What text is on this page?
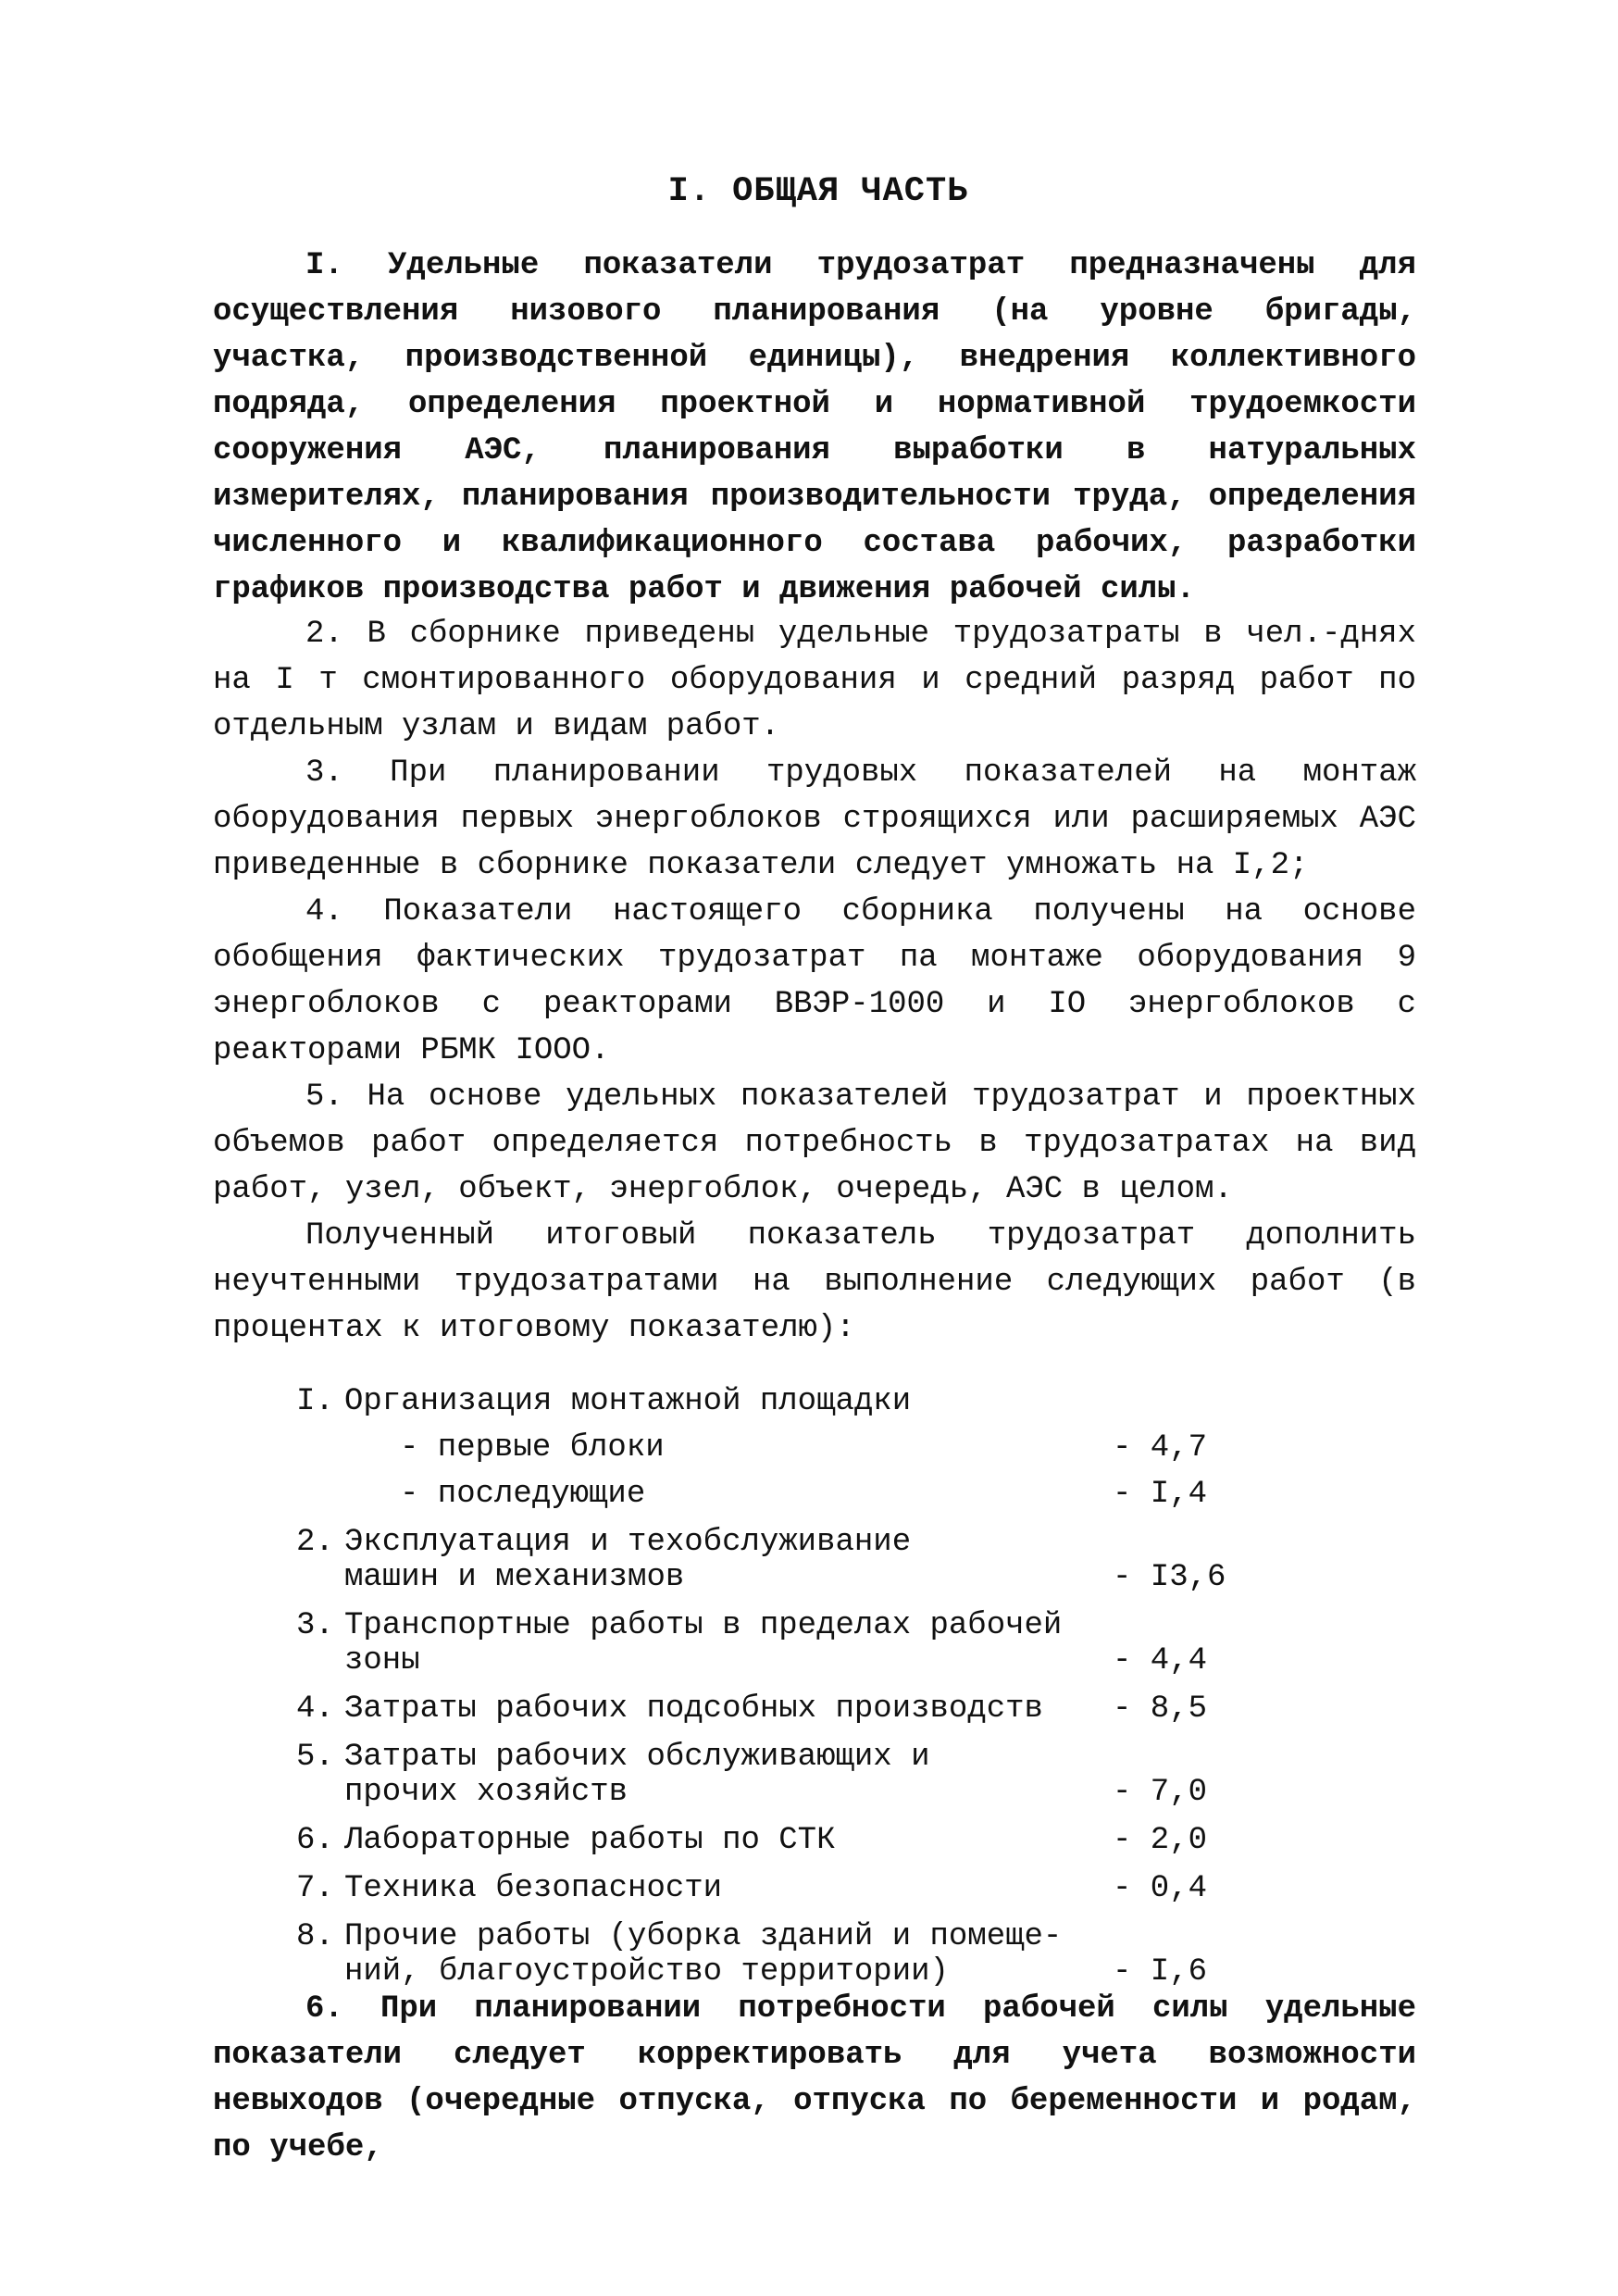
I. ОБЩАЯ ЧАСТЬ

I. Удельные показатели трудозатрат предназначены для осуществления низового планирования (на уровне бригады, участка, производственной единицы), внедрения коллективного подряда, определения проектной и нормативной трудоемкости сооружения АЭС, планирования выработки в натуральных измерителях, планирования производительности труда, определения численного и квалификационного состава рабочих, разработки графиков производства работ и движения рабочей силы.

2. В сборнике приведены удельные трудозатраты в чел.-днях на I т смонтированного оборудования и средний разряд работ по отдельным узлам и видам работ.

3. При планировании трудовых показателей на монтаж оборудования первых энергоблоков строящихся или расширяемых АЭС приведенные в сборнике показатели следует умножать на I,2;

4. Показатели настоящего сборника получены на основе обобщения фактических трудозатрат па монтаже оборудования 9 энергоблоков с реакторами ВВЭР-1000 и IO энергоблоков с реакторами РБМК IOOO.

5. На основе удельных показателей трудозатрат и проектных объемов работ определяется потребность в трудозатратах на вид работ, узел, объект, энергоблок, очередь, АЭС в целом.

Полученный итоговый показатель трудозатрат дополнить неучтенными трудозатратами на выполнение следующих работ (в процентах к итоговому показателю):

I. Организация монтажной площадки
- первые блоки	- 4,7
- последующие	- I,4
2. Эксплуатация и техобслуживание
машин и механизмов	- I3,6
3. Транспортные работы в пределах рабочей
зоны	- 4,4
4. Затраты рабочих подсобных производств	- 8,5
5. Затраты рабочих обслуживающих и
прочих хозяйств	- 7,0
6. Лабораторные работы по СТК	- 2,0
7. Техника безопасности	- 0,4
8. Прочие работы (уборка зданий и помеще-
ний, благоустройство территории)	- I,6

6. При планировании потребности рабочей силы удельные показатели следует корректировать для учета возможности невыходов (очередные отпуска, отпуска по беременности и родам, по учебе,
